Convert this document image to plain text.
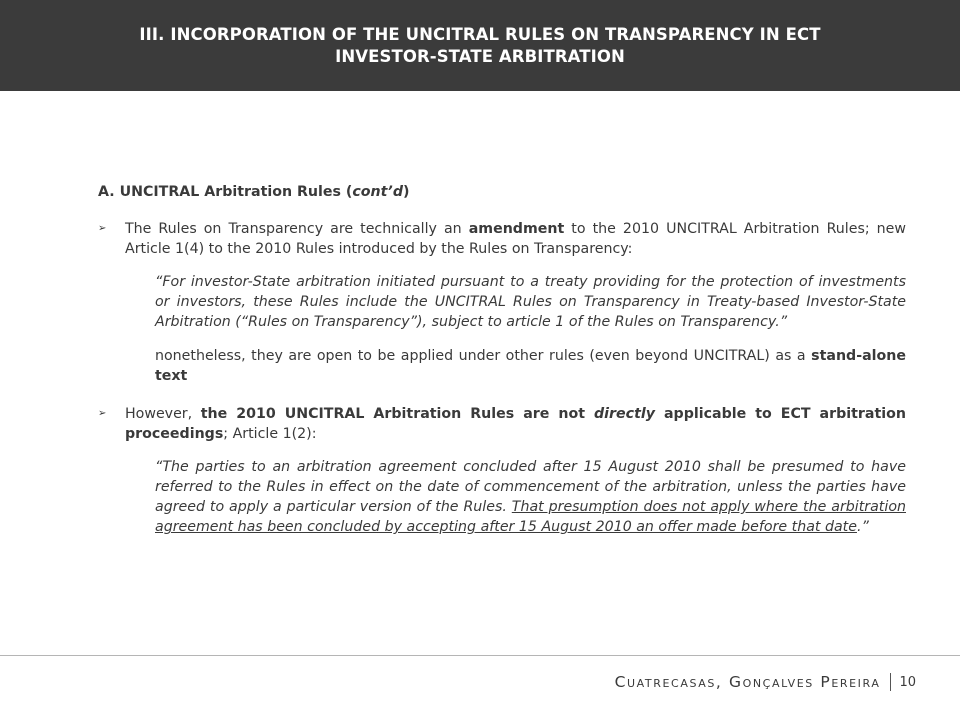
III. INCORPORATION OF THE UNCITRAL RULES ON TRANSPARENCY IN ECT
INVESTOR-STATE ARBITRATION

A. UNCITRAL Arbitration Rules (cont’d)

➢	The Rules on Transparency are technically an amendment to the 2010 UNCITRAL Arbitration Rules; new Article 1(4) to the 2010 Rules introduced by the Rules on Transparency:

“For investor-State arbitration initiated pursuant to a treaty providing for the protection of investments or investors, these Rules include the UNCITRAL Rules on Transparency in Treaty-based Investor-State Arbitration (“Rules on Transparency”), subject to article 1 of the Rules on Transparency.”

nonetheless, they are open to be applied under other rules (even beyond UNCITRAL) as a stand-alone text

➢	However, the 2010 UNCITRAL Arbitration Rules are not directly applicable to ECT arbitration proceedings; Article 1(2):

“The parties to an arbitration agreement concluded after 15 August 2010 shall be presumed to have referred to the Rules in effect on the date of commencement of the arbitration, unless the parties have agreed to apply a particular version of the Rules. That presumption does not apply where the arbitration agreement has been concluded by accepting after 15 August 2010 an offer made before that date.”

Cuatrecasas, Gonçalves Pereira 10
